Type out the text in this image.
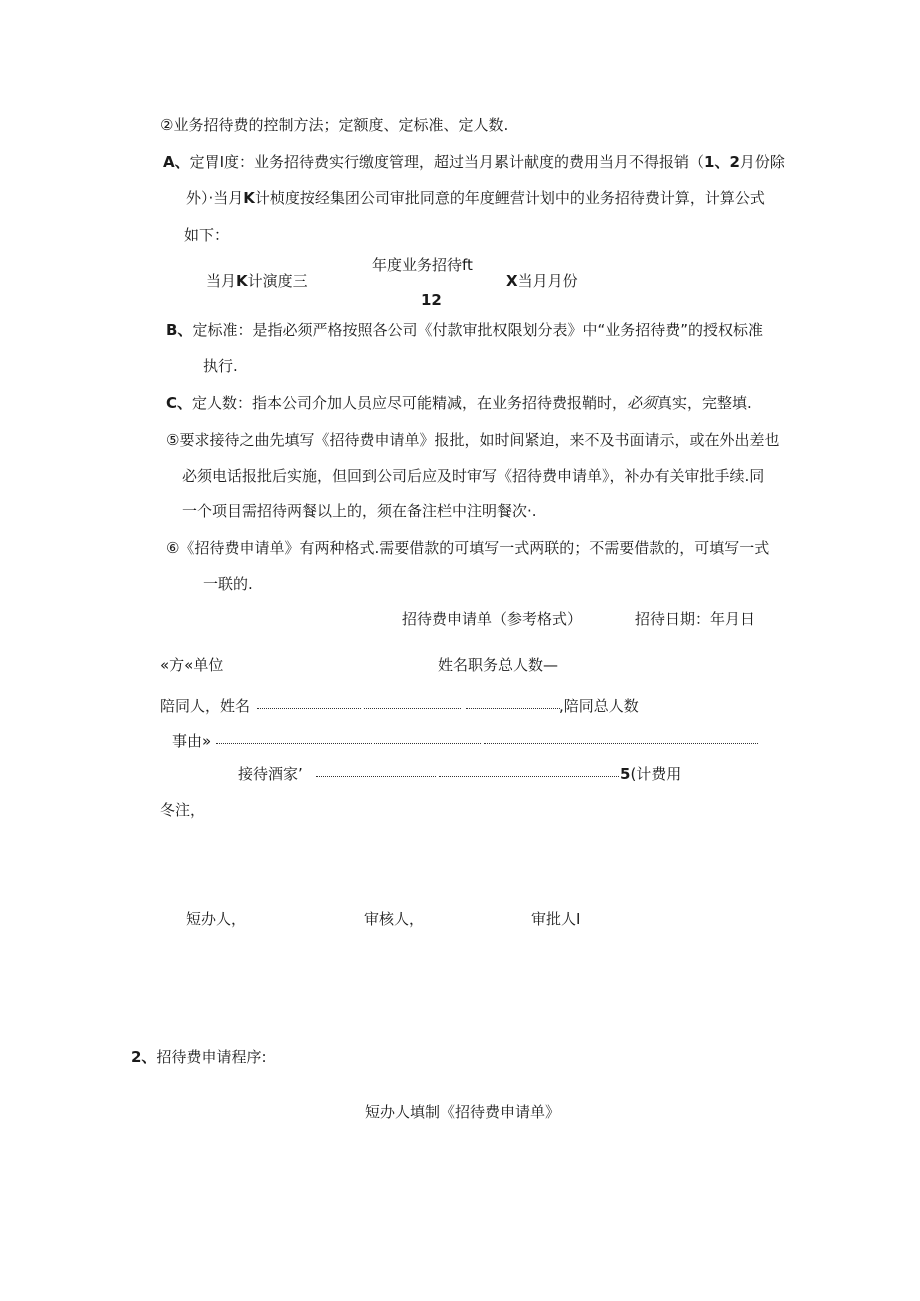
②业务招待费的控制方法；定额度、定标准、定人数.
A、定胃I度：业务招待费实行缴度管理，超过当月累计献度的费用当月不得报销（1、2月份除
外）·当月K计桢度按经集团公司审批同意的年度鲤营计划中的业务招待费计算，计算公式
如下：
年度业务招待ft
当月K计演度三	X当月月份
12
B、定标准：是指必须严格按照各公司《付款审批权限划分表》中“业务招待费”的授权标准
执行.
C、定人数：指本公司介加人员应尽可能精减，在业务招待费报鞘时，必须真实，完整填.
⑤要求接待之曲先填写《招待费申请单》报批，如时间紧迫，来不及书面请示，或在外出差也
必须电话报批后实施，但回到公司后应及时审写《招待费申请单》，补办有关审批手续.同
一个项目需招待两餐以上的，须在备注栏中注明餐次·.
⑥《招待费申请单》有两种格式.需要借款的可填写一式两联的；不需要借款的，可填写一式
一联的.
招待费申请单（参考格式）	招待日期：年月日
«方«单位	姓名职务总人数—
陪同人，姓名	,陪同总人数
事由»
接待酒家’	5(计费用
冬注，
短办人，	审核人，	审批人I
2、招待费申请程序:
短办人填制《招待费申请单》
